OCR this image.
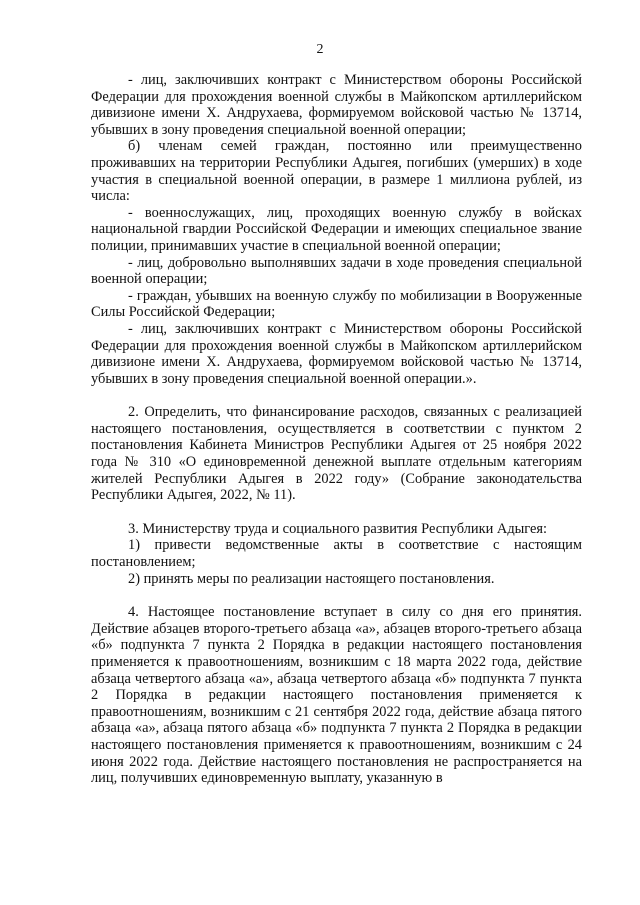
2

- лиц, заключивших контракт с Министерством обороны Российской Федерации для прохождения военной службы в Майкопском артиллерийском дивизионе имени Х. Андрухаева, формируемом войсковой частью № 13714, убывших в зону проведения специальной военной операции;

б) членам семей граждан, постоянно или преимущественно проживавших на территории Республики Адыгея, погибших (умерших) в ходе участия в специальной военной операции, в размере 1 миллиона рублей, из числа:

- военнослужащих, лиц, проходящих военную службу в войсках национальной гвардии Российской Федерации и имеющих специальное звание полиции, принимавших участие в специальной военной операции;

- лиц, добровольно выполнявших задачи в ходе проведения специальной военной операции;

- граждан, убывших на военную службу по мобилизации в Вооруженные Силы Российской Федерации;

- лиц, заключивших контракт с Министерством обороны Российской Федерации для прохождения военной службы в Майкопском артиллерийском дивизионе имени Х. Андрухаева, формируемом войсковой частью № 13714, убывших в зону проведения специальной военной операции.».

2. Определить, что финансирование расходов, связанных с реализацией настоящего постановления, осуществляется в соответствии с пунктом 2 постановления Кабинета Министров Республики Адыгея от 25 ноября 2022 года № 310 «О единовременной денежной выплате отдельным категориям жителей Республики Адыгея в 2022 году» (Собрание законодательства Республики Адыгея, 2022, № 11).

3. Министерству труда и социального развития Республики Адыгея:

1) привести ведомственные акты в соответствие с настоящим постановлением;

2) принять меры по реализации настоящего постановления.

4. Настоящее постановление вступает в силу со дня его принятия. Действие абзацев второго-третьего абзаца «а», абзацев второго-третьего абзаца «б» подпункта 7 пункта 2 Порядка в редакции настоящего постановления применяется к правоотношениям, возникшим с 18 марта 2022 года, действие абзаца четвертого абзаца «а», абзаца четвертого абзаца «б» подпункта 7 пункта 2 Порядка в редакции настоящего постановления применяется к правоотношениям, возникшим с 21 сентября 2022 года, действие абзаца пятого абзаца «а», абзаца пятого абзаца «б» подпункта 7 пункта 2 Порядка в редакции настоящего постановления применяется к правоотношениям, возникшим с 24 июня 2022 года. Действие настоящего постановления не распространяется на лиц, получивших единовременную выплату, указанную в
